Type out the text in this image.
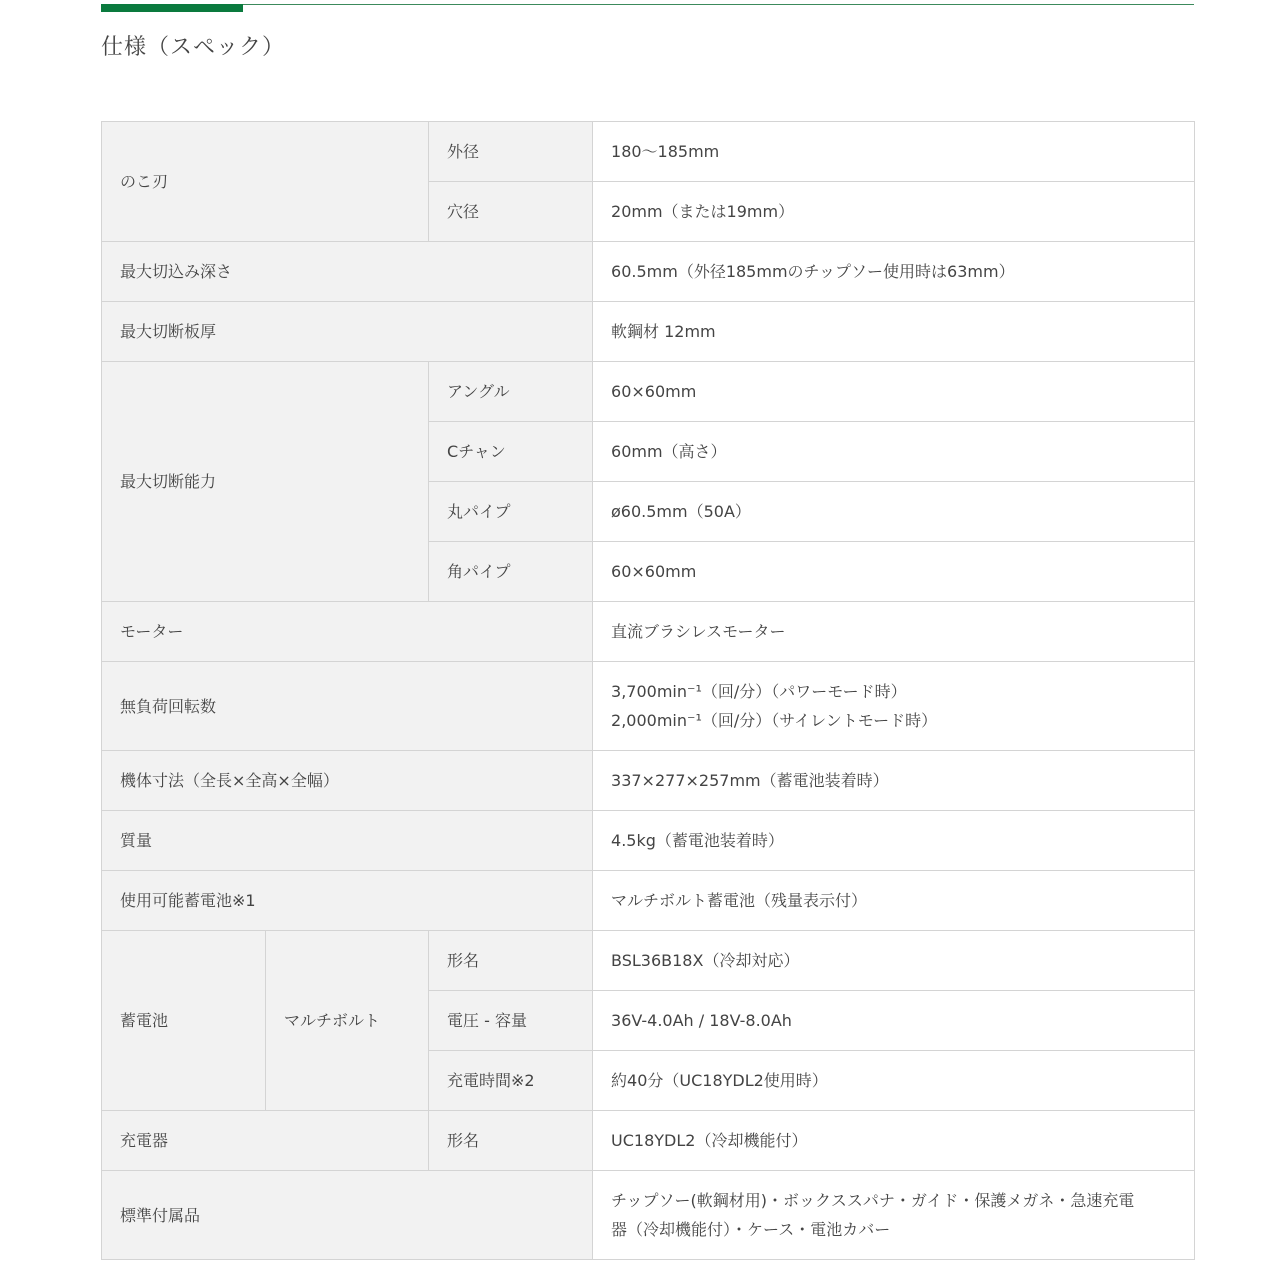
仕様（スペック）
のこ刃		外径	180〜185mm
		穴径	20mm（または19mm）
最大切込み深さ			60.5mm（外径185mmのチップソー使用時は63mm）
最大切断板厚			軟鋼材 12mm
最大切断能力		アングル	60×60mm
		Cチャン	60mm（高さ）
		丸パイプ	ø60.5mm（50A）
		角パイプ	60×60mm
モーター			直流ブラシレスモーター
無負荷回転数			3,700min⁻¹（回/分）（パワーモード時）
2,000min⁻¹（回/分）（サイレントモード時）

機体寸法（全長×全高×全幅）			337×277×257mm（蓄電池装着時）
質量			4.5kg（蓄電池装着時）
使用可能蓄電池※1			マルチボルト蓄電池（残量表示付）
蓄電池	マルチボルト	形名	BSL36B18X（冷却対応）
		電圧 - 容量	36V-4.0Ah / 18V-8.0Ah
		充電時間※2	約40分（UC18YDL2使用時）
充電器		形名	UC18YDL2（冷却機能付）
標準付属品			チップソー(軟鋼材用)・ボックススパナ・ガイド・保護メガネ・急速充電
器（冷却機能付）・ケース・電池カバー
